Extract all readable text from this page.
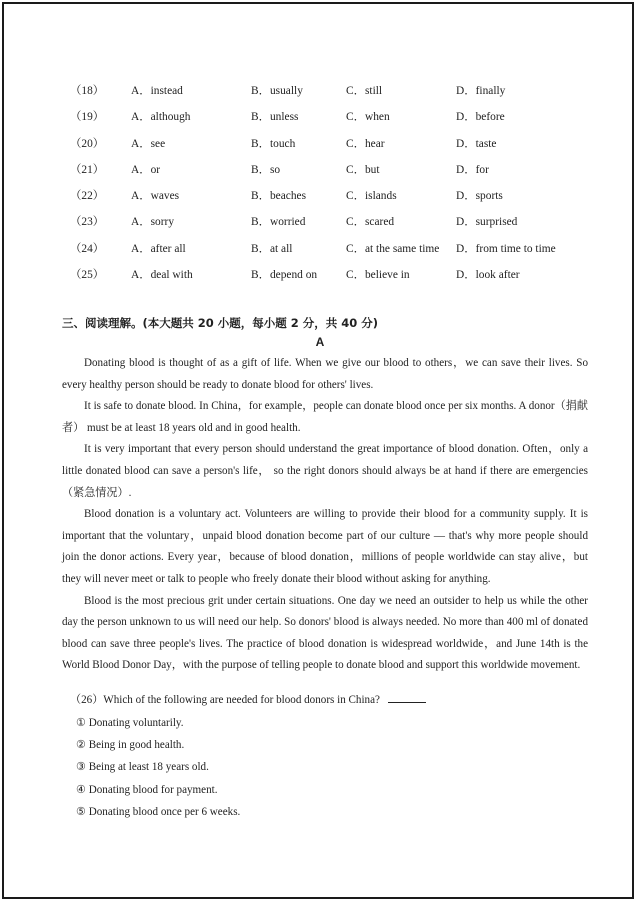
（18） A．instead	B．usually	C．still	D．finally
（19） A．although	B．unless	C．when	D．before
（20） A．see	B．touch	C．hear	D．taste
（21） A．or	B．so	C．but	D．for
（22） A．waves	B．beaches	C．islands	D．sports
（23） A．sorry	B．worried	C．scared	D．surprised
（24） A．after all	B．at all	C．at the same time D．from time to time
（25） A．deal with	B．depend on	C．believe in	D．look after
三、阅读理解。(本大题共 20 小题，每小题 2 分，共 40 分)
A

Donating blood is thought of as a gift of life. When we give our blood to others，we can save their lives. So every healthy person should be ready to donate blood for others' lives.

It is safe to donate blood. In China，for example，people can donate blood once per six months. A donor（捐献者） must be at least 18 years old and in good health.

It is very important that every person should understand the great importance of blood donation. Often，only a little donated blood can save a person's life， so the right donors should always be at hand if there are emergencies（紧急情况）.

Blood donation is a voluntary act. Volunteers are willing to provide their blood for a community supply. It is important that the voluntary，unpaid blood donation become part of our culture — that's why more people should join the donor actions. Every year，because of blood donation，millions of people worldwide can stay alive，but they will never meet or talk to people who freely donate their blood without asking for anything.

Blood is the most precious grit under certain situations. One day we need an outsider to help us while the other day the person unknown to us will need our help. So donors' blood is always needed. No more than 400 ml of donated blood can save three people's lives. The practice of blood donation is widespread worldwide，and June 14th is the World Blood Donor Day，with the purpose of telling people to donate blood and support this worldwide movement.

（26）Which of the following are needed for blood donors in China?
① Donating voluntarily.
② Being in good health.
③ Being at least 18 years old.
④ Donating blood for payment.
⑤ Donating blood once per 6 weeks.
